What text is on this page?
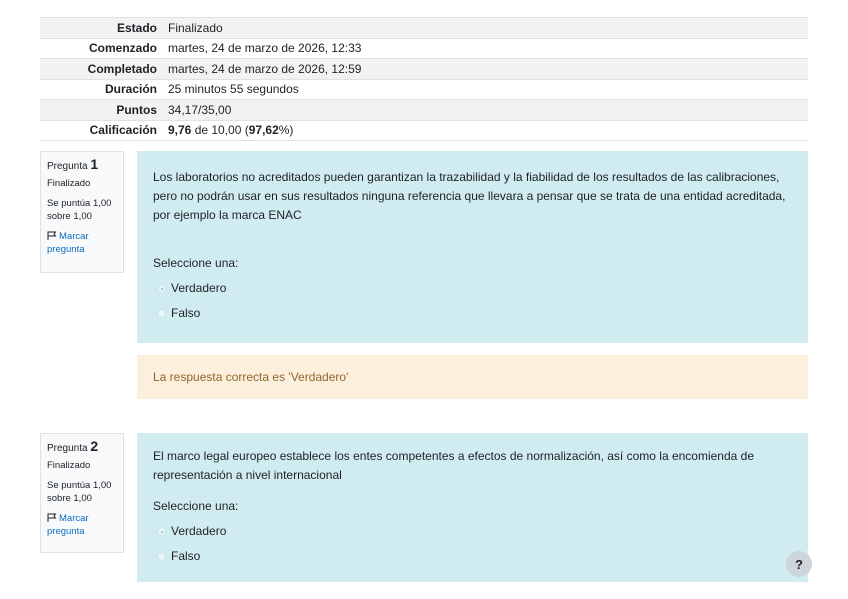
Estado	Finalizado
Comenzado	martes, 24 de marzo de 2026, 12:33
Completado	martes, 24 de marzo de 2026, 12:59
Duración	25 minutos 55 segundos
Puntos	34,17/35,00
Calificación	9,76 de 10,00 (97,62%)
Pregunta 1
Finalizado
Se puntúa 1,00 sobre 1,00
Marcar pregunta

Los laboratorios no acreditados pueden garantizan la trazabilidad y la fiabilidad de los resultados de las calibraciones, pero no podrán usar en sus resultados ninguna referencia que llevara a pensar que se trata de una entidad acreditada, por ejemplo la marca ENAC

Seleccione una:

Verdadero
Falso
La respuesta correcta es 'Verdadero'
Pregunta 2
Finalizado
Se puntúa 1,00 sobre 1,00
Marcar pregunta

El marco legal europeo establece los entes competentes a efectos de normalización, así como la encomienda de representación a nivel internacional

Seleccione una:

Verdadero
Falso
?
